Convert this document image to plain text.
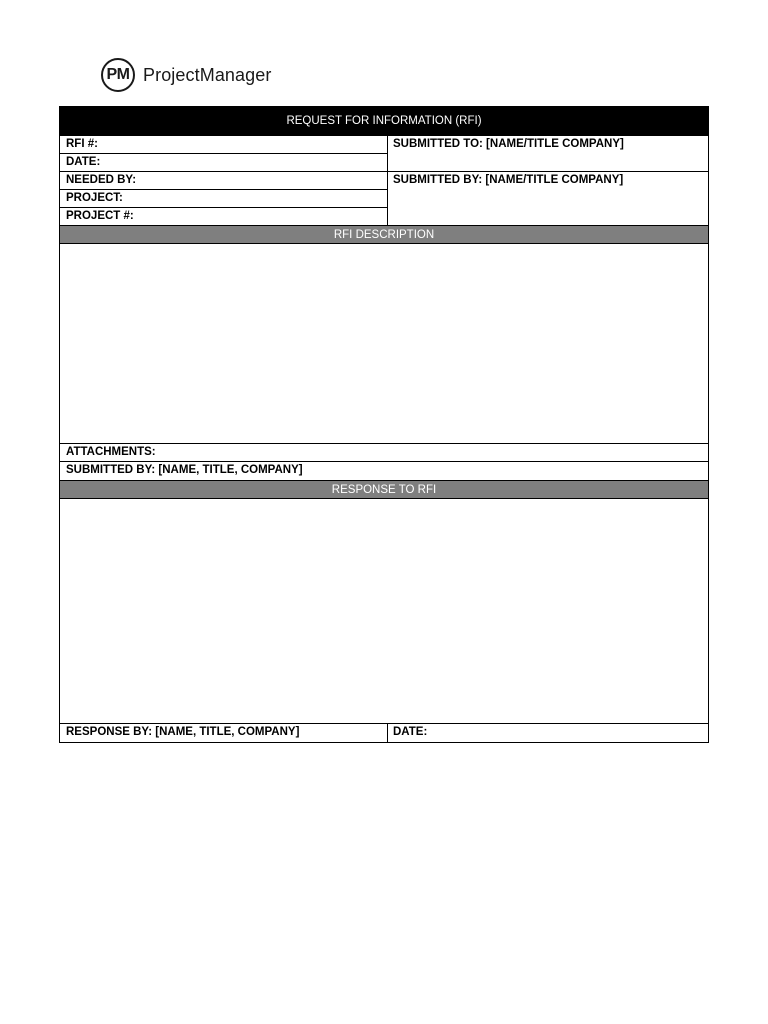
PM ProjectManager
REQUEST FOR INFORMATION (RFI)
RFI #:
DATE:
NEEDED BY:
PROJECT:
PROJECT #:
SUBMITTED TO: [NAME/TITLE COMPANY]
SUBMITTED BY: [NAME/TITLE COMPANY]
RFI DESCRIPTION
ATTACHMENTS:
SUBMITTED BY: [NAME, TITLE, COMPANY]
RESPONSE TO RFI
RESPONSE BY: [NAME, TITLE, COMPANY]	DATE:
